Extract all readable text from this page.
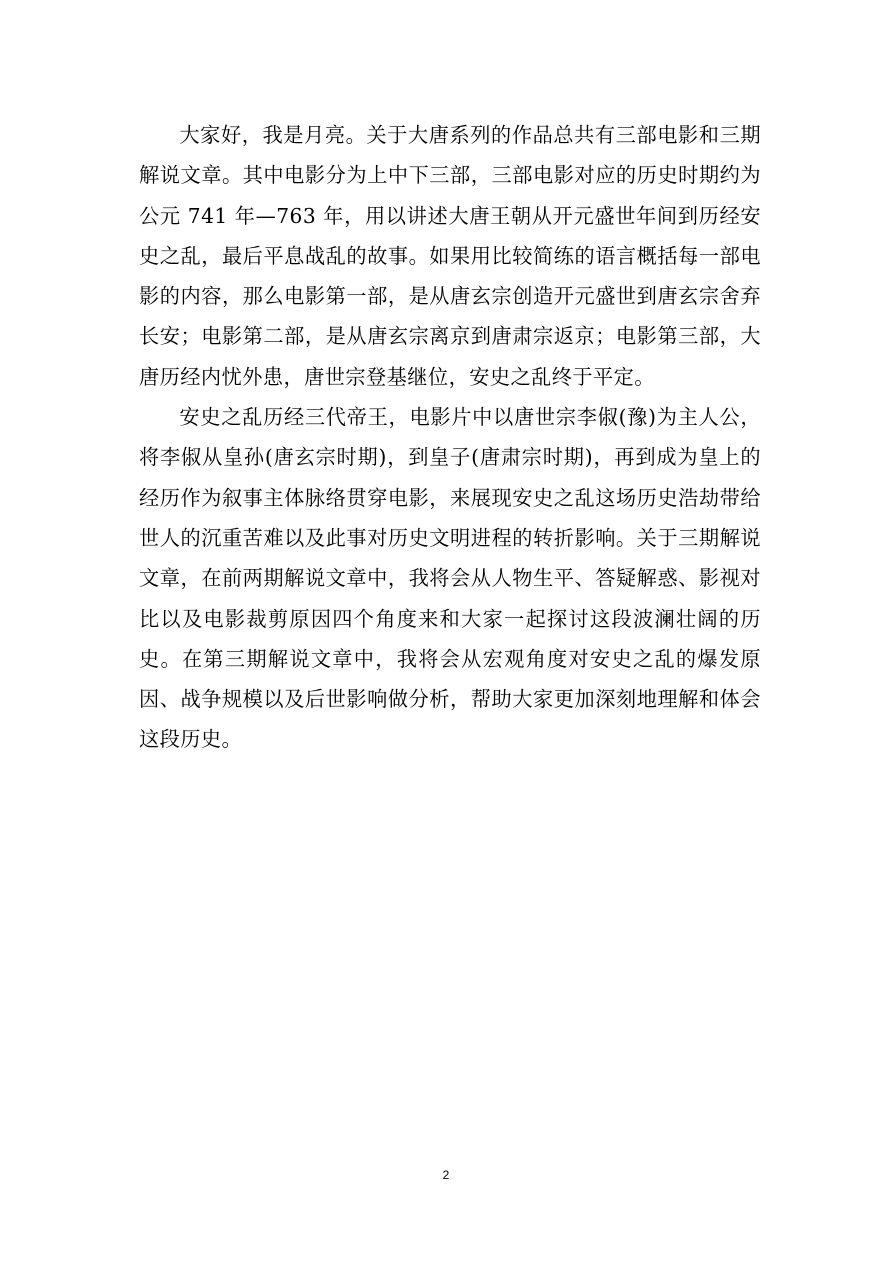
大家好，我是月亮。关于大唐系列的作品总共有三部电影和三期解说文章。其中电影分为上中下三部，三部电影对应的历史时期约为公元 741 年—763 年，用以讲述大唐王朝从开元盛世年间到历经安史之乱，最后平息战乱的故事。如果用比较简练的语言概括每一部电影的内容，那么电影第一部，是从唐玄宗创造开元盛世到唐玄宗舍弃长安；电影第二部，是从唐玄宗离京到唐肃宗返京；电影第三部，大唐历经内忧外患，唐世宗登基继位，安史之乱终于平定。

安史之乱历经三代帝王，电影片中以唐世宗李俶(豫)为主人公，将李俶从皇孙(唐玄宗时期)，到皇子(唐肃宗时期)，再到成为皇上的经历作为叙事主体脉络贯穿电影，来展现安史之乱这场历史浩劫带给世人的沉重苦难以及此事对历史文明进程的转折影响。关于三期解说文章，在前两期解说文章中，我将会从人物生平、答疑解惑、影视对比以及电影裁剪原因四个角度来和大家一起探讨这段波澜壮阔的历史。在第三期解说文章中，我将会从宏观角度对安史之乱的爆发原因、战争规模以及后世影响做分析，帮助大家更加深刻地理解和体会这段历史。

2
